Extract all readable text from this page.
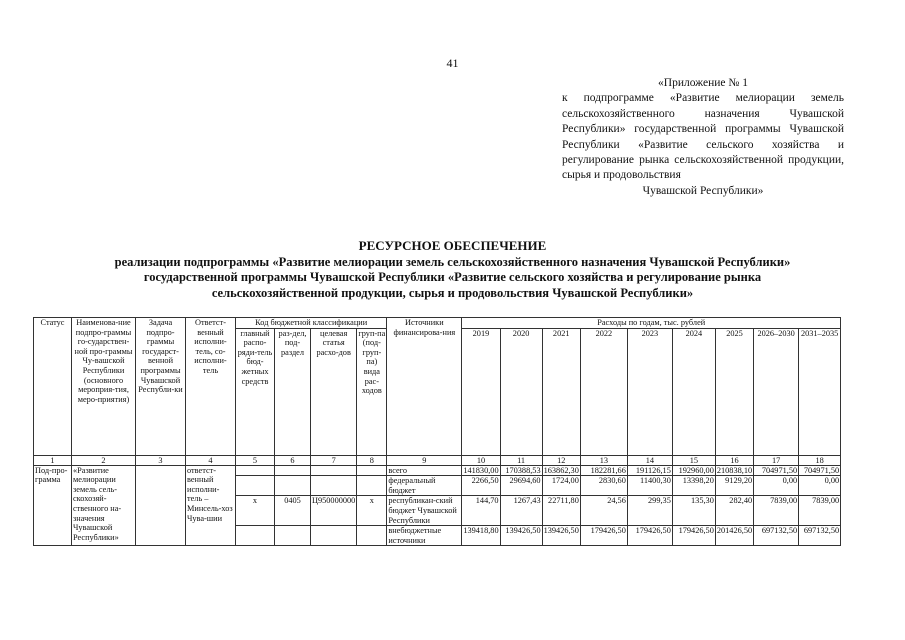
41
«Приложение № 1
к подпрограмме «Развитие мелиорации земель сельскохозяйственного назначения Чувашской Республики» государственной программы Чувашской Республики «Развитие сельского хозяйства и регулирование рынка сельскохозяйственной продукции, сырья и продовольствия
Чувашской Республики»
РЕСУРСНОЕ ОБЕСПЕЧЕНИЕ
реализации подпрограммы «Развитие мелиорации земель сельскохозяйственного назначения Чувашской Республики»
государственной программы Чувашской Республики «Развитие сельского хозяйства и регулирование рынка
сельскохозяйственной продукции, сырья и продовольствия Чувашской Республики»
Статус	Наименова-ние подпро-граммы го-сударствен-ной про-граммы Чу-вашской Республики (основного мероприя-тия, меро-приятия)	Задача подпро-граммы государст-венной программы Чувашской Республи-ки	Ответст-венный исполни-тель, со-исполни-тель	Код бюджетной классификации				Источники финансирова-ния	Расходы по годам, тыс. рублей								
				главный распо-ряди-тель бюд-жетных средств	раз-дел, под-раздел	целевая статья расхо-дов	груп-па (под-груп-па) вида рас-ходов		2019	2020	2021	2022	2023	2024	2025	2026–2030	2031–2035
1	2	3	4	5	6	7	8	9	10	11	12	13	14	15	16	17	18
Под-про-грамма	«Развитие мелиорации земель сель-скохозяй-ственного на-значения Чувашской Республики»		ответст-венный исполни-тель – Минсель-хоз Чува-шии					всего	141830,00	170388,53	163862,30	182281,66	191126,15	192960,00	210838,10	704971,50	704971,50
								федеральный бюджет	2266,50	29694,60	1724,00	2830,60	11400,30	13398,20	9129,20	0,00	0,00
				x	0405	Ц950000000	x	республикан-ский бюджет Чувашской Республики	144,70	1267,43	22711,80	24,56	299,35	135,30	282,40	7839,00	7839,00
								внебюджетные источники	139418,80	139426,50	139426,50	179426,50	179426,50	179426,50	201426,50	697132,50	697132,50
